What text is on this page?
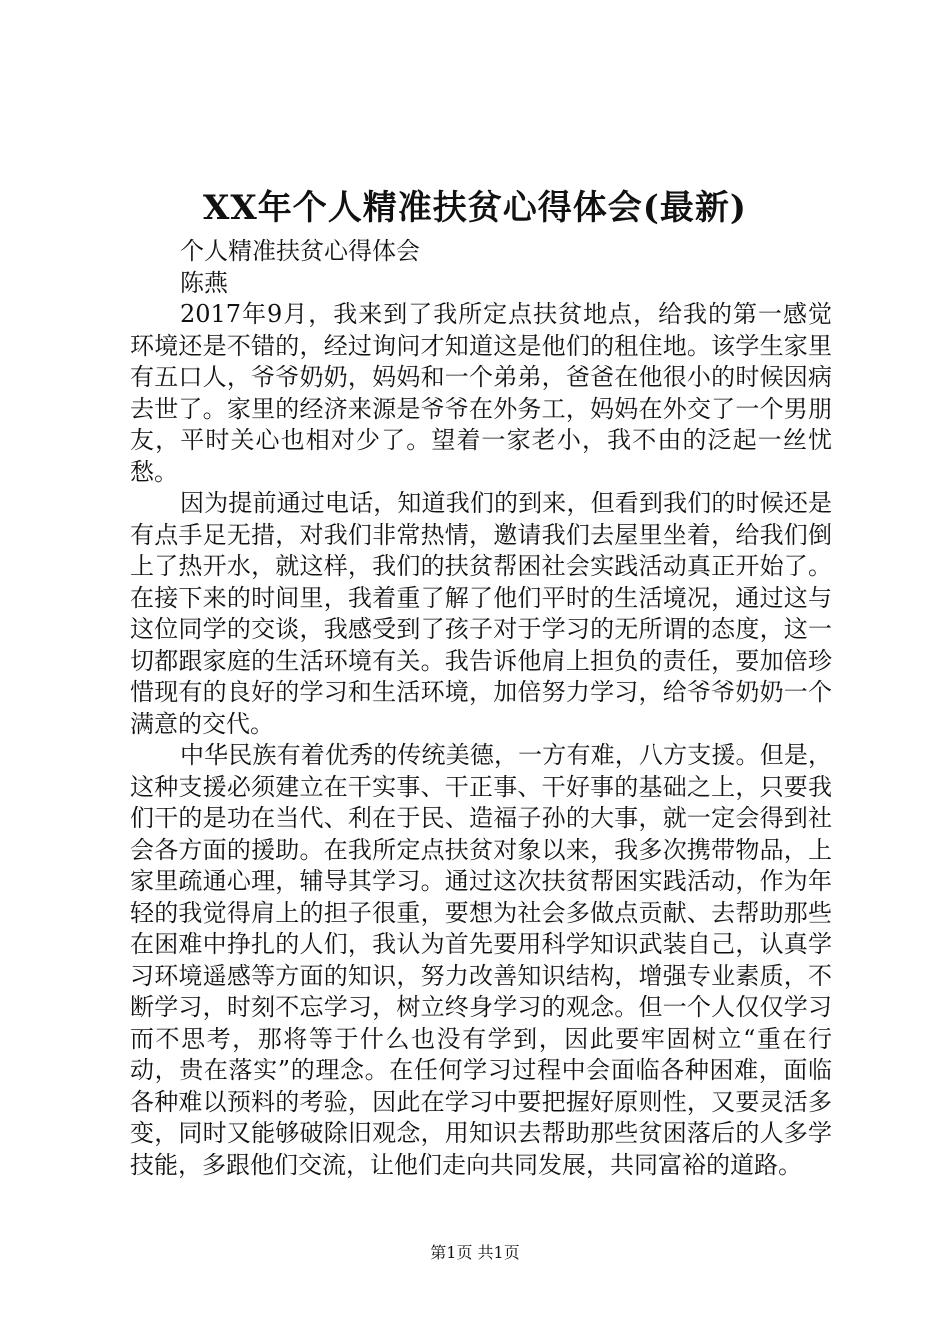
XX年个人精准扶贫心得体会(最新)

个人精准扶贫心得体会

陈燕

2017年9月，我来到了我所定点扶贫地点，给我的第一感觉环境还是不错的，经过询问才知道这是他们的租住地。该学生家里有五口人，爷爷奶奶，妈妈和一个弟弟，爸爸在他很小的时候因病去世了。家里的经济来源是爷爷在外务工，妈妈在外交了一个男朋友，平时关心也相对少了。望着一家老小，我不由的泛起一丝忧愁。

因为提前通过电话，知道我们的到来，但看到我们的时候还是有点手足无措，对我们非常热情，邀请我们去屋里坐着，给我们倒上了热开水，就这样，我们的扶贫帮困社会实践活动真正开始了。在接下来的时间里，我着重了解了他们平时的生活境况，通过这与这位同学的交谈，我感受到了孩子对于学习的无所谓的态度，这一切都跟家庭的生活环境有关。我告诉他肩上担负的责任，要加倍珍惜现有的良好的学习和生活环境，加倍努力学习，给爷爷奶奶一个满意的交代。

中华民族有着优秀的传统美德，一方有难，八方支援。但是，这种支援必须建立在干实事、干正事、干好事的基础之上，只要我们干的是功在当代、利在于民、造福子孙的大事，就一定会得到社会各方面的援助。在我所定点扶贫对象以来，我多次携带物品，上家里疏通心理，辅导其学习。通过这次扶贫帮困实践活动，作为年轻的我觉得肩上的担子很重，要想为社会多做点贡献、去帮助那些在困难中挣扎的人们，我认为首先要用科学知识武装自己，认真学习环境遥感等方面的知识，努力改善知识结构，增强专业素质，不断学习，时刻不忘学习，树立终身学习的观念。但一个人仅仅学习而不思考，那将等于什么也没有学到，因此要牢固树立“重在行动，贵在落实”的理念。在任何学习过程中会面临各种困难，面临各种难以预料的考验，因此在学习中要把握好原则性，又要灵活多变，同时又能够破除旧观念，用知识去帮助那些贫困落后的人多学技能，多跟他们交流，让他们走向共同发展，共同富裕的道路。

第1页 共1页
